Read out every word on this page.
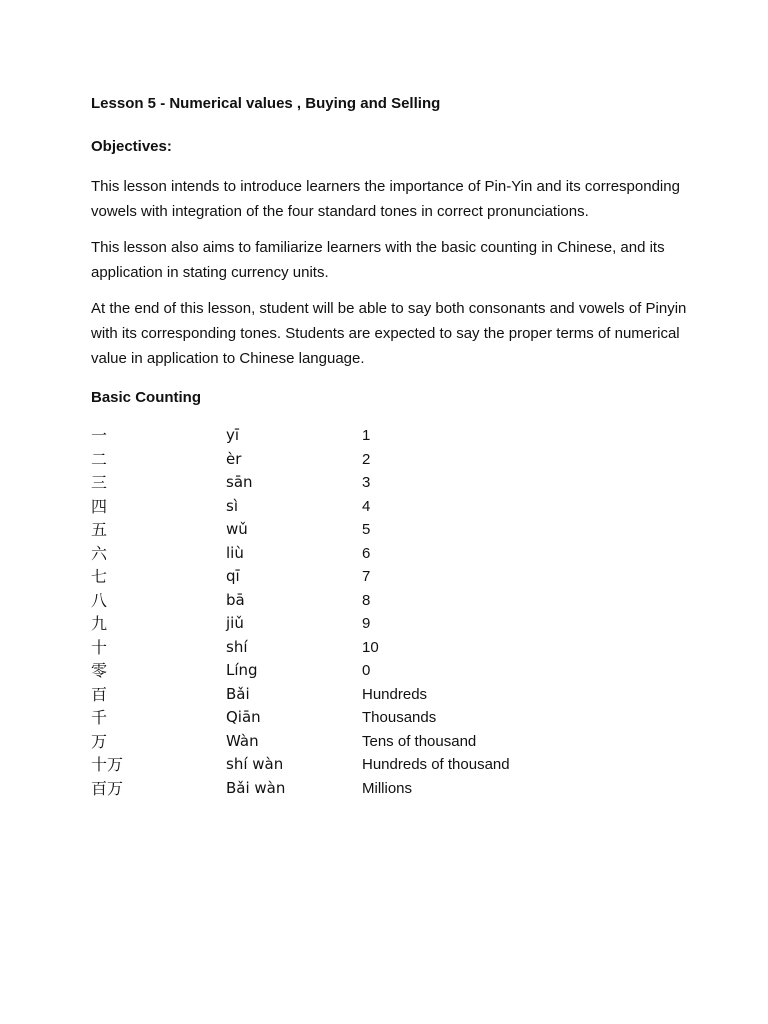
Lesson 5 - Numerical values , Buying and Selling

Objectives:

This lesson intends to introduce learners the importance of Pin-Yin and its corresponding vowels with integration of the four standard tones in correct pronunciations.

This lesson also aims to familiarize learners with the basic counting in Chinese, and its application in stating currency units.

At the end of this lesson, student will be able to say both consonants and vowels of Pinyin with its corresponding tones. Students are expected to say the proper terms of numerical value in application to Chinese language.

Basic Counting

一	yī	1
二	èr	2
三	sān	3
四	sì	4
五	wǔ	5
六	liù	6
七	qī	7
八	bā	8
九	jiǔ	9
十	shí	10
零	Líng	0
百	Bǎi	Hundreds
千	Qiān	Thousands
万	Wàn	Tens of thousand
十万	shí wàn	Hundreds of thousand
百万	Bǎi wàn	Millions
